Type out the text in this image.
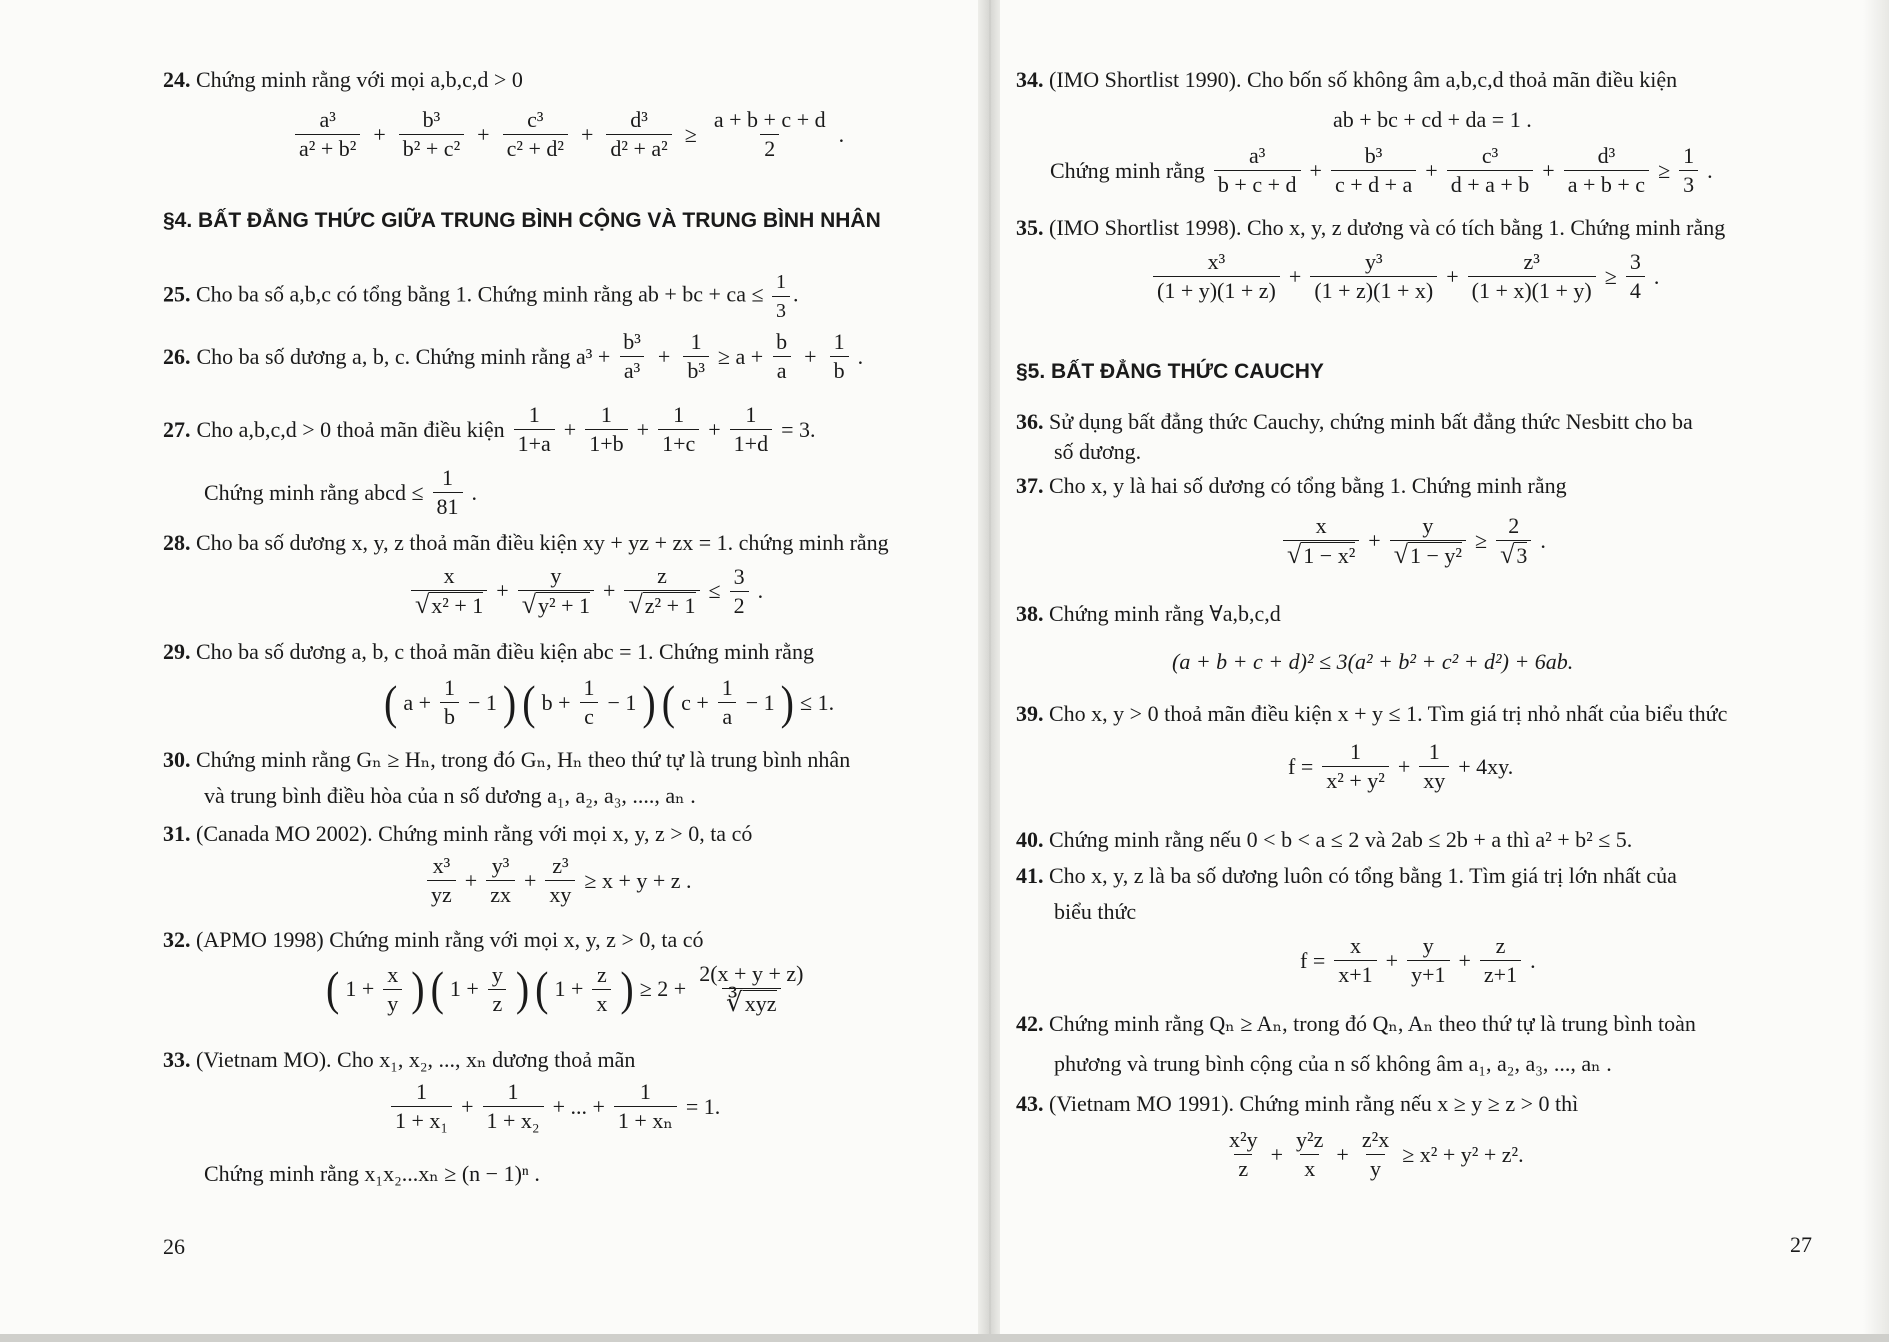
24. Chứng minh rằng với mọi a,b,c,d > 0
$\frac{\text{a³}}{\text{a² + b²}} + \frac{\text{b³}}{\text{b² + c²}} + \frac{\text{c³}}{\text{c² + d²}} + \frac{\text{d³}}{\text{d² + a²}} \ge \frac{a + b + c + d}{2}$ .
§4. BẤT ĐẲNG THỨC GIỮA TRUNG BÌNH CỘNG VÀ TRUNG BÌNH NHÂN
25. Cho ba số a,b,c có tổng bằng 1. Chứng minh rằng ab + bc + ca ≤ $\frac{1}{3}$ .
26. Cho ba số dương a, b, c. Chứng minh rằng $a^3 + \frac{\text{b³}}{\text{a³}} + \frac{1}{\text{b³}} \ge a + \frac{b}{a} + \frac{1}{b}$ .
27. Cho a,b,c,d > 0 thoả mãn điều kiện $\frac{1}{1+a} + \frac{1}{1+b} + \frac{1}{1+c} + \frac{1}{1+d} = 3$.
Chứng minh rằng abcd ≤ $\frac{1}{81}$ .
28. Cho ba số dương x, y, z thoả mãn điều kiện xy + yz + zx = 1. chứng minh rằng
$\frac{x}{\text{√x² + 1}} + \frac{y}{\text{√y² + 1}} + \frac{z}{\text{√z² + 1}} \le \frac{3}{2}$ .
29. Cho ba số dương a, b, c thoả mãn điều kiện abc = 1. Chứng minh rằng
( $a + \frac{1}{b} - 1$ ) ( $b + \frac{1}{c} - 1$ ) ( $c + \frac{1}{a} - 1$ ) ≤ 1.
30. Chứng minh rằng Gₙ ≥ Hₙ, trong đó Gₙ, Hₙ theo thứ tự là trung bình nhân
và trung bình điều hòa của n số dương a₁, a₂, a₃, ...., aₙ .
31. (Canada MO 2002). Chứng minh rằng với mọi x, y, z > 0, ta có
$\frac{\text{x³}}{yz} + \frac{\text{y³}}{zx} + \frac{\text{z³}}{xy} \ge x + y + z$ .
32. (APMO 1998) Chứng minh rằng với mọi x, y, z > 0, ta có
( $1 + \frac{x}{y}$ ) ( $1 + \frac{y}{z}$ ) ( $1 + \frac{z}{x}$ ) ≥ $2 + \frac{2(x + y + z)}{\text{∛xyz}}$
33. (Vietnam MO). Cho x₁, x₂, ..., xₙ dương thoả mãn
$\frac{1}{\text{1 + x₁}} + \frac{1}{\text{1 + x₂}}$ + ... + $\frac{1}{\text{1 + xₙ}} = 1$.
Chứng minh rằng x₁x₂...xₙ ≥ (n − 1)ⁿ .
26
34. (IMO Shortlist 1990). Cho bốn số không âm a,b,c,d thoả mãn điều kiện
ab + bc + cd + da = 1 .
Chứng minh rằng $\frac{\text{a³}}{b + c + d} + \frac{\text{b³}}{c + d + a} + \frac{\text{c³}}{d + a + b} + \frac{\text{d³}}{a + b + c} \ge \frac{1}{3}$ .
35. (IMO Shortlist 1998). Cho x, y, z dương và có tích bằng 1. Chứng minh rằng
$\frac{\text{x³}}{(1 + y)(1 + z)} + \frac{\text{y³}}{(1 + z)(1 + x)} + \frac{\text{z³}}{(1 + x)(1 + y)} \ge \frac{3}{4}$ .
§5. BẤT ĐẲNG THỨC CAUCHY
36. Sử dụng bất đẳng thức Cauchy, chứng minh bất đẳng thức Nesbitt cho ba
số dương.
37. Cho x, y là hai số dương có tổng bằng 1. Chứng minh rằng
$\frac{x}{\text{√1 − x²}} + \frac{y}{\text{√1 − y²}} \ge \frac{2}{√3}$ .
38. Chứng minh rằng ∀a,b,c,d
(a + b + c + d)² ≤ 3(a² + b² + c² + d²) + 6ab.
39. Cho x, y > 0 thoả mãn điều kiện x + y ≤ 1. Tìm giá trị nhỏ nhất của biểu thức
$f = \frac{1}{\text{x² + y²}} + \frac{1}{xy} + 4xy$.
40. Chứng minh rằng nếu 0 < b < a ≤ 2 và 2ab ≤ 2b + a thì a² + b² ≤ 5.
41. Cho x, y, z là ba số dương luôn có tổng bằng 1. Tìm giá trị lớn nhất của
biểu thức
$f = \frac{x}{x+1} + \frac{y}{y+1} + \frac{z}{z+1}$ .
42. Chứng minh rằng Qₙ ≥ Aₙ, trong đó Qₙ, Aₙ theo thứ tự là trung bình toàn
phương và trung bình cộng của n số không âm a₁, a₂, a₃, ..., aₙ .
43. (Vietnam MO 1991). Chứng minh rằng nếu x ≥ y ≥ z > 0 thì
$\frac{\text{x²y}}{z} + \frac{\text{y²z}}{x} + \frac{\text{z²x}}{y} \ge x^2 + y^2 + z^2$.
27
